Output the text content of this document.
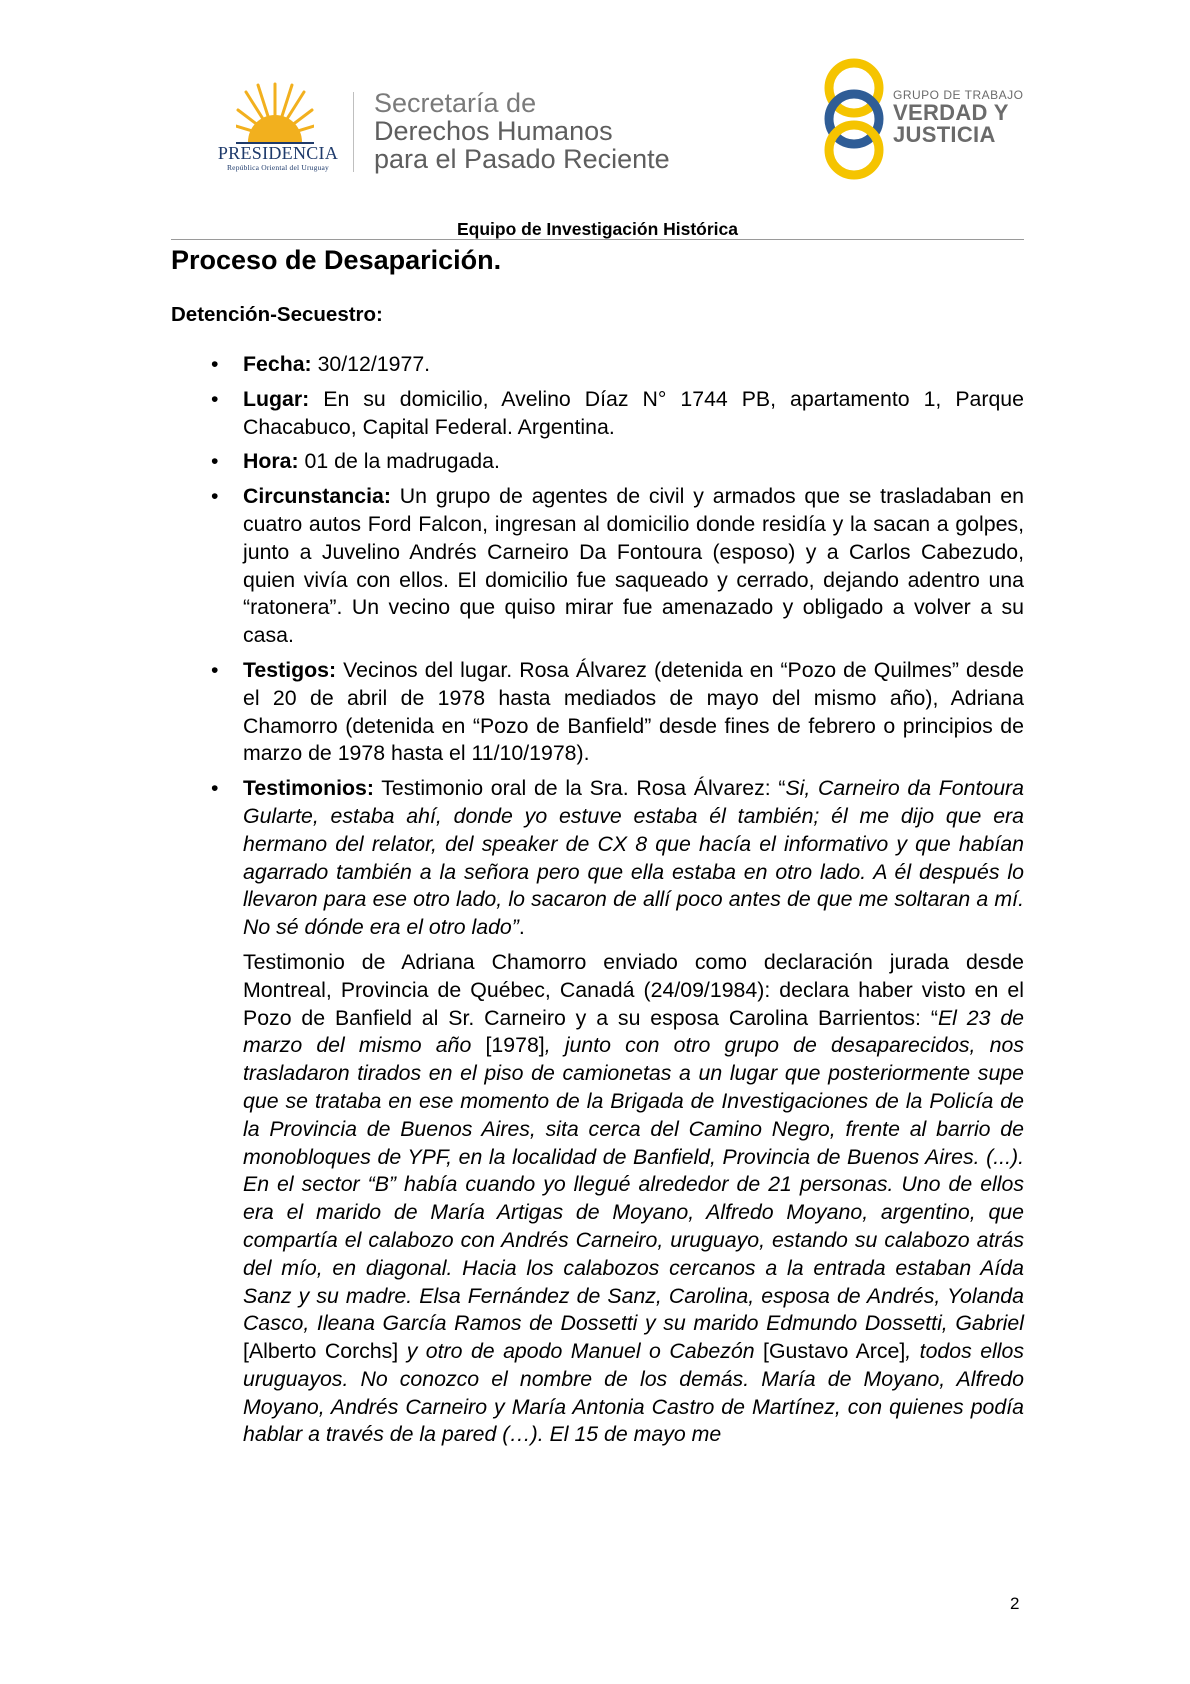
PRESIDENCIA
República Oriental del Uruguay
Secretaría de
Derechos Humanos
para el Pasado Reciente
GRUPO DE TRABAJO
VERDAD Y
JUSTICIA
Equipo de Investigación Histórica
Proceso de Desaparición.
Detención-Secuestro:
• Fecha: 30/12/1977.
• Lugar: En su domicilio, Avelino Díaz N° 1744 PB, apartamento 1, Parque Chacabuco, Capital Federal. Argentina.
• Hora: 01 de la madrugada.
• Circunstancia: Un grupo de agentes de civil y armados que se trasladaban en cuatro autos Ford Falcon, ingresan al domicilio donde residía y la sacan a golpes, junto a Juvelino Andrés Carneiro Da Fontoura (esposo) y a Carlos Cabezudo, quien vivía con ellos. El domicilio fue saqueado y cerrado, dejando adentro una “ratonera”. Un vecino que quiso mirar fue amenazado y obligado a volver a su casa.
• Testigos: Vecinos del lugar. Rosa Álvarez (detenida en “Pozo de Quilmes” desde el 20 de abril de 1978 hasta mediados de mayo del mismo año), Adriana Chamorro (detenida en “Pozo de Banfield” desde fines de febrero o principios de marzo de 1978 hasta el 11/10/1978).
• Testimonios: Testimonio oral de la Sra. Rosa Álvarez: “Si, Carneiro da Fontoura Gularte, estaba ahí, donde yo estuve estaba él también; él me dijo que era hermano del relator, del speaker de CX 8 que hacía el informativo y que habían agarrado también a la señora pero que ella estaba en otro lado. A él después lo llevaron para ese otro lado, lo sacaron de allí poco antes de que me soltaran a mí. No sé dónde era el otro lado”.

Testimonio de Adriana Chamorro enviado como declaración jurada desde Montreal, Provincia de Québec, Canadá (24/09/1984): declara haber visto en el Pozo de Banfield al Sr. Carneiro y a su esposa Carolina Barrientos: “El 23 de marzo del mismo año [1978], junto con otro grupo de desaparecidos, nos trasladaron tirados en el piso de camionetas a un lugar que posteriormente supe que se trataba en ese momento de la Brigada de Investigaciones de la Policía de la Provincia de Buenos Aires, sita cerca del Camino Negro, frente al barrio de monobloques de YPF, en la localidad de Banfield, Provincia de Buenos Aires. (...). En el sector “B” había cuando yo llegué alrededor de 21 personas. Uno de ellos era el marido de María Artigas de Moyano, Alfredo Moyano, argentino, que compartía el calabozo con Andrés Carneiro, uruguayo, estando su calabozo atrás del mío, en diagonal. Hacia los calabozos cercanos a la entrada estaban Aída Sanz y su madre. Elsa Fernández de Sanz, Carolina, esposa de Andrés, Yolanda Casco, Ileana García Ramos de Dossetti y su marido Edmundo Dossetti, Gabriel [Alberto Corchs] y otro de apodo Manuel o Cabezón [Gustavo Arce], todos ellos uruguayos. No conozco el nombre de los demás. María de Moyano, Alfredo Moyano, Andrés Carneiro y María Antonia Castro de Martínez, con quienes podía hablar a través de la pared (…). El 15 de mayo me

2
